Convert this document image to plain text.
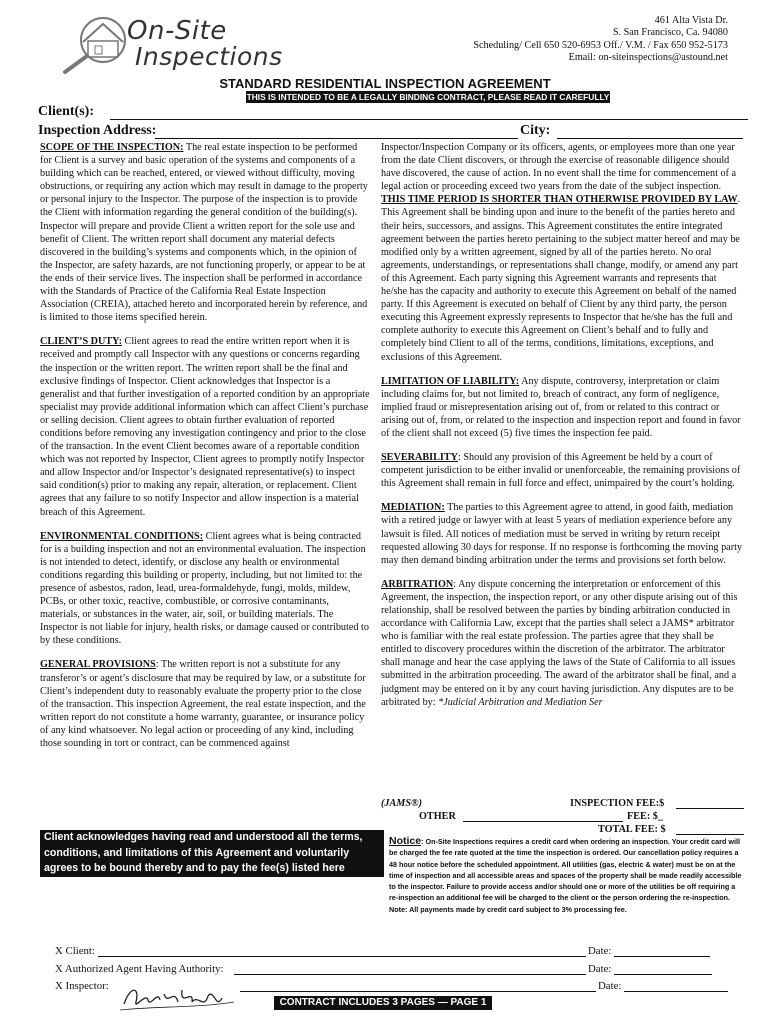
On-Site
Inspections
461 Alta Vista Dr.
S. San Francisco, Ca. 94080
Scheduling/ Cell 650 520-6953 Off./ V.M. / Fax 650 952-5173
Email: on-siteinspections@astound.net
STANDARD RESIDENTIAL INSPECTION AGREEMENT
THIS IS INTENDED TO BE A LEGALLY BINDING CONTRACT, PLEASE READ IT CAREFULLY
Client(s):
Inspection Address:	City:

SCOPE OF THE INSPECTION: The real estate inspection to be performed for Client is a survey and basic operation of the systems and components of a building which can be reached, entered, or viewed without difficulty, moving obstructions, or requiring any action which may result in damage to the property or personal injury to the Inspector. The purpose of the inspection is to provide the Client with information regarding the general condition of the building(s). Inspector will prepare and provide Client a written report for the sole use and benefit of Client. The written report shall document any material defects discovered in the building’s systems and components which, in the opinion of the Inspector, are safety hazards, are not functioning properly, or appear to be at the ends of their service lives. The inspection shall be performed in accordance with the Standards of Practice of the California Real Estate Inspection Association (CREIA), attached hereto and incorporated herein by reference, and is limited to those items specified herein.

CLIENT’S DUTY: Client agrees to read the entire written report when it is received and promptly call Inspector with any questions or concerns regarding the inspection or the written report. The written report shall be the final and exclusive findings of Inspector. Client acknowledges that Inspector is a generalist and that further investigation of a reported condition by an appropriate specialist may provide additional information which can affect Client’s purchase or selling decision. Client agrees to obtain further evaluation of reported conditions before removing any investigation contingency and prior to the close of the transaction. In the event Client becomes aware of a reportable condition which was not reported by Inspector, Client agrees to promptly notify Inspector and allow Inspector and/or Inspector’s designated representative(s) to inspect said condition(s) prior to making any repair, alteration, or replacement. Client agrees that any failure to so notify Inspector and allow inspection is a material breach of this Agreement.

ENVIRONMENTAL CONDITIONS: Client agrees what is being contracted for is a building inspection and not an environmental evaluation. The inspection is not intended to detect, identify, or disclose any health or environmental conditions regarding this building or property, including, but not limited to: the presence of asbestos, radon, lead, urea-formaldehyde, fungi, molds, mildew, PCBs, or other toxic, reactive, combustible, or corrosive contaminants, materials, or substances in the water, air, soil, or building materials. The Inspector is not liable for injury, health risks, or damage caused or contributed to by these conditions.

GENERAL PROVISIONS: The written report is not a substitute for any transferor’s or agent’s disclosure that may be required by law, or a substitute for Client’s independent duty to reasonably evaluate the property prior to the close of the transaction. This inspection Agreement, the real estate inspection, and the written report do not constitute a home warranty, guarantee, or insurance policy of any kind whatsoever. No legal action or proceeding of any kind, including those sounding in tort or contract, can be commenced against

Inspector/Inspection Company or its officers, agents, or employees more than one year from the date Client discovers, or through the exercise of reasonable diligence should have discovered, the cause of action. In no event shall the time for commencement of a legal action or proceeding exceed two years from the date of the subject inspection. THIS TIME PERIOD IS SHORTER THAN OTHERWISE PROVIDED BY LAW. This Agreement shall be binding upon and inure to the benefit of the parties hereto and their heirs, successors, and assigns. This Agreement constitutes the entire integrated agreement between the parties hereto pertaining to the subject matter hereof and may be modified only by a written agreement, signed by all of the parties hereto. No oral agreements, understandings, or representations shall change, modify, or amend any part of this Agreement. Each party signing this Agreement warrants and represents that he/she has the capacity and authority to execute this Agreement on behalf of the named party. If this Agreement is executed on behalf of Client by any third party, the person executing this Agreement expressly represents to Inspector that he/she has the full and complete authority to execute this Agreement on Client’s behalf and to fully and completely bind Client to all of the terms, conditions, limitations, exceptions, and exclusions of this Agreement.

LIMITATION OF LIABILITY: Any dispute, controversy, interpretation or claim including claims for, but not limited to, breach of contract, any form of negligence, implied fraud or misrepresentation arising out of, from or related to this contract or arising out of, from, or related to the inspection and inspection report and found in favor of the client shall not exceed (5) five times the inspection fee paid.

SEVERABILITY: Should any provision of this Agreement be held by a court of competent jurisdiction to be either invalid or unenforceable, the remaining provisions of this Agreement shall remain in full force and effect, unimpaired by the court’s holding.

MEDIATION: The parties to this Agreement agree to attend, in good faith, mediation with a retired judge or lawyer with at least 5 years of mediation experience before any lawsuit is filed. All notices of mediation must be served in writing by return receipt requested allowing 30 days for response. If no response is forthcoming the moving party may then demand binding arbitration under the terms and provisions set forth below.

ARBITRATION: Any dispute concerning the interpretation or enforcement of this Agreement, the inspection, the inspection report, or any other dispute arising out of this relationship, shall be resolved between the parties by binding arbitration conducted in accordance with California Law, except that the parties shall select a JAMS* arbitrator who is familiar with the real estate profession. The parties agree that they shall be entitled to discovery procedures within the discretion of the arbitrator. The arbitrator shall manage and hear the case applying the laws of the State of California to all issues submitted in the arbitration proceeding. The award of the arbitrator shall be final, and a judgment may be entered on it by any court having jurisdiction. Any disputes are to be arbitrated by: *Judicial Arbitration and Mediation Ser

(JAMS®)	INSPECTION FEE:$
OTHER	FEE: $_
TOTAL FEE: $
Client acknowledges having read and understood all the terms, conditions, and limitations of this Agreement and voluntarily agrees to be bound thereby and to pay the fee(s) listed here
Notice: On-Site Inspections requires a credit card when ordering an inspection. Your credit card will be charged the fee rate quoted at the time the inspection is ordered. Our cancellation policy requires a 48 hour notice before the scheduled appointment. All utilities (gas, electric & water) must be on at the time of inspection and all accessible areas and spaces of the property shall be made readily accessible to the inspector. Failure to provide access and/or should one or more of the utilities be off requiring a re-inspection an additional fee will be charged to the client or the person ordering the re-inspection. Note: All payments made by credit card subject to 3% processing fee.
X Client:	Date:
X Authorized Agent Having Authority:	Date:
X Inspector:	Date:
CONTRACT INCLUDES 3 PAGES — PAGE 1
